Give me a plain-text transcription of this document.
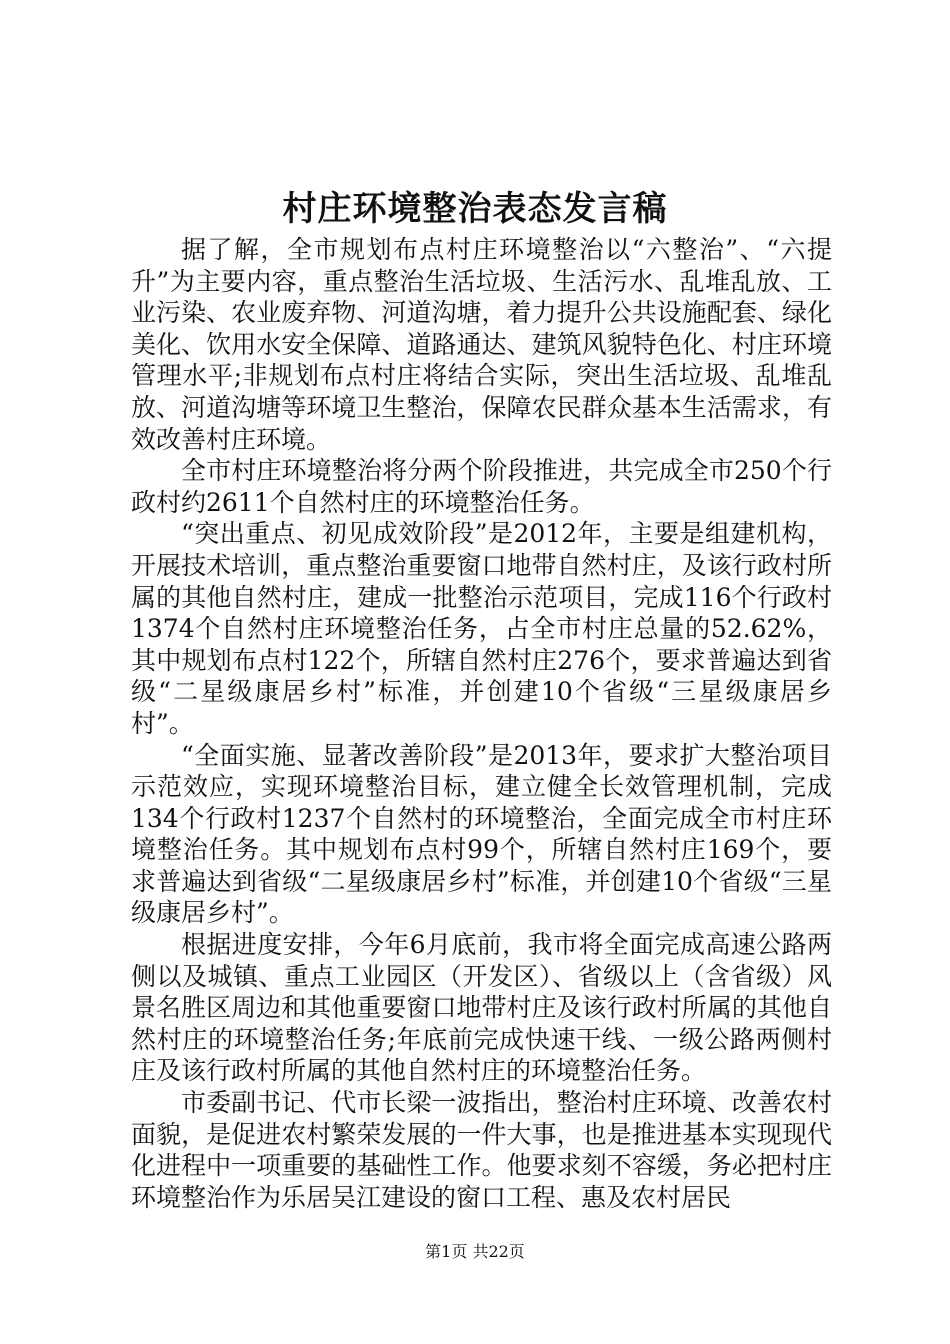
村庄环境整治表态发言稿

据了解，全市规划布点村庄环境整治以“六整治”、“六提升”为主要内容，重点整治生活垃圾、生活污水、乱堆乱放、工业污染、农业废弃物、河道沟塘，着力提升公共设施配套、绿化美化、饮用水安全保障、道路通达、建筑风貌特色化、村庄环境管理水平;非规划布点村庄将结合实际，突出生活垃圾、乱堆乱放、河道沟塘等环境卫生整治，保障农民群众基本生活需求，有效改善村庄环境。

全市村庄环境整治将分两个阶段推进，共完成全市250个行政村约2611个自然村庄的环境整治任务。

“突出重点、初见成效阶段”是2012年，主要是组建机构，开展技术培训，重点整治重要窗口地带自然村庄，及该行政村所属的其他自然村庄，建成一批整治示范项目，完成116个行政村1374个自然村庄环境整治任务，占全市村庄总量的52.62%，其中规划布点村122个，所辖自然村庄276个，要求普遍达到省级“二星级康居乡村”标准，并创建10个省级“三星级康居乡村”。

“全面实施、显著改善阶段”是2013年，要求扩大整治项目示范效应，实现环境整治目标，建立健全长效管理机制，完成134个行政村1237个自然村的环境整治，全面完成全市村庄环境整治任务。其中规划布点村99个，所辖自然村庄169个，要求普遍达到省级“二星级康居乡村”标准，并创建10个省级“三星级康居乡村”。

根据进度安排，今年6月底前，我市将全面完成高速公路两侧以及城镇、重点工业园区（开发区）、省级以上（含省级）风景名胜区周边和其他重要窗口地带村庄及该行政村所属的其他自然村庄的环境整治任务;年底前完成快速干线、一级公路两侧村庄及该行政村所属的其他自然村庄的环境整治任务。

市委副书记、代市长梁一波指出，整治村庄环境、改善农村面貌，是促进农村繁荣发展的一件大事，也是推进基本实现现代化进程中一项重要的基础性工作。他要求刻不容缓，务必把村庄环境整治作为乐居吴江建设的窗口工程、惠及农村居民

第1页 共22页
